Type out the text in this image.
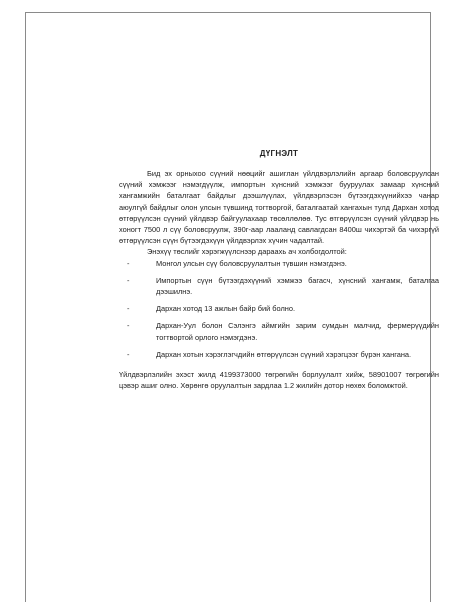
ДҮГНЭЛТ

Бид эх орныхоо сүүний нөөцийг ашиглан үйлдвэрлэлийн аргаар боловсруулсан сүүний хэмжээг нэмэгдүүлж, импортын хүнсний хэмжээг бууруулах замаар хүнсний хангамжийн баталгаат байдлыг дээшлүүлах, үйлдвэрлэсэн бүтээгдэхүүнийхээ чанар аюулгүй байдлыг олон улсын түвшинд тогтворгой, баталгаатай хангахын тулд Дархан хотод өтгөрүүлсэн сүүний үйлдвэр байгуулахаар төсөллөлөө. Тус өтгөрүүлсэн сүүний үйлдвэр нь хоногт 7500 л сүү боловсруулж, 390г-аар лааланд савлагдсан 8400ш чихэртэй ба чихэргүй өтгөрүүлсэн сүүн бүтээгдэхүүн үйлдвэрлэх хүчин чадалтай.

Энэхүү төслийг хэрэгжүүлснээр дараахь ач холбогдолтой:

-	Монгол улсын сүү боловсруулалтын түвшин нэмэгдэнэ.
-	Импортын сүүн бүтээгдэхүүний хэмжээ багасч, хүнсний хангамж, баталгаа дээшилнэ.
-	Дархан хотод 13 ажлын байр бий болно.
-	Дархан-Уул болон Сэлэнгэ аймгийн зарим сумдын малчид, фермерүүдийн тогтвортой орлого нэмэгдэнэ.
-	Дархан хотын хэрэглэгчдийн өтгөрүүлсэн сүүний хэрэгцээг бүрэн хангана.

Үйлдвэрлэлийн эхэст жилд 4199373000 төгрөгийн борлуулалт хийж, 58901007 төгрөгийн цэвэр ашиг олно. Хөрөнгө оруулалтын зардлаа 1.2 жилийн дотор нөхөх боломжтой.
